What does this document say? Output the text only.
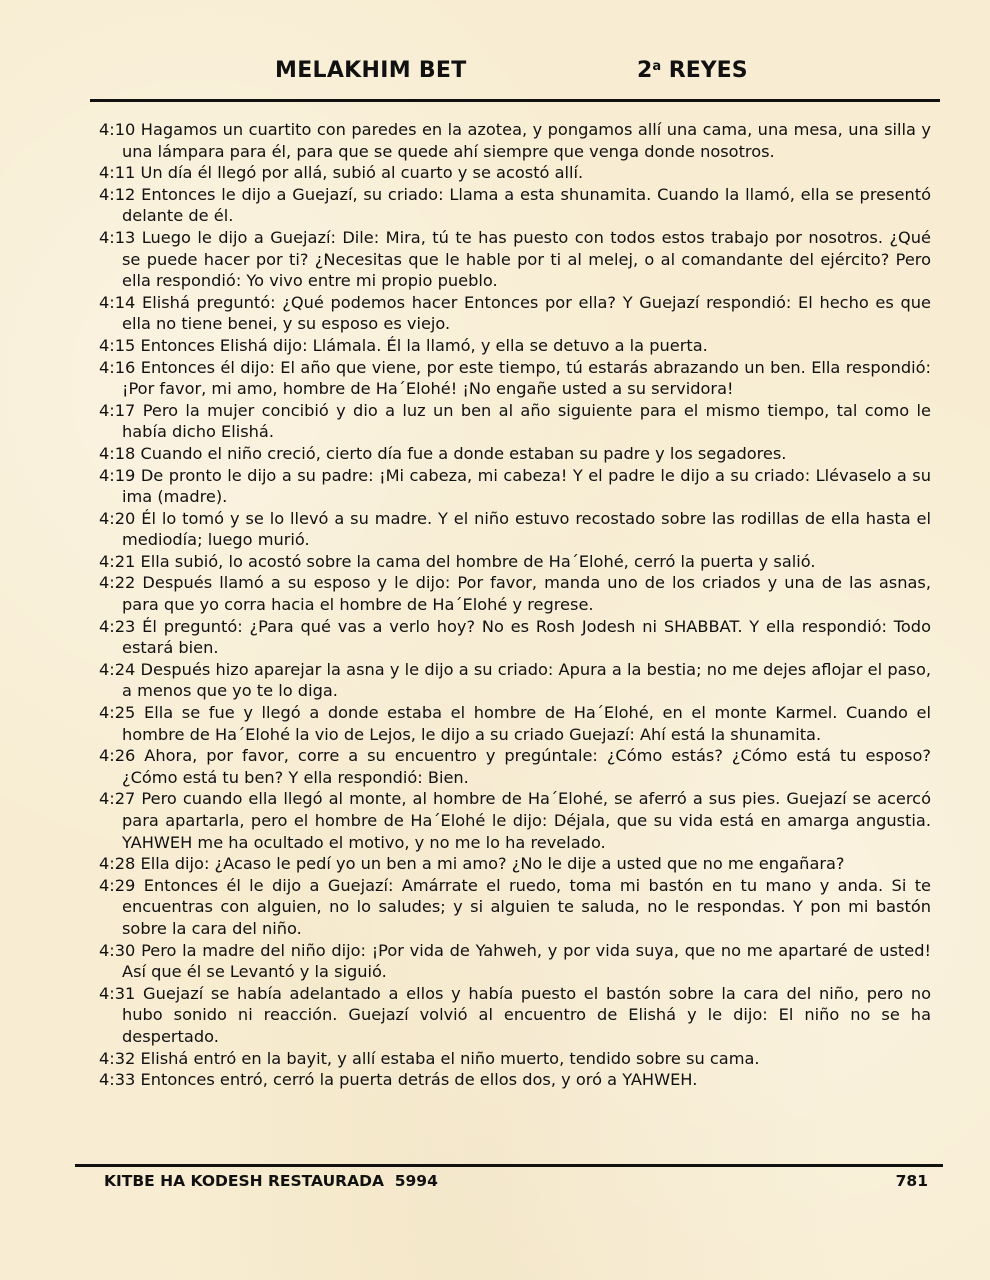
MELAKHIM BET	2$^a$ REYES

4:10 Hagamos un cuartito con paredes en la azotea, y pongamos allí una cama, una mesa, una silla y una lámpara para él, para que se quede ahí siempre que venga donde nosotros.

4:11 Un día él llegó por allá, subió al cuarto y se acostó allí.

4:12 Entonces le dijo a Guejazí, su criado: Llama a esta shunamita. Cuando la llamó, ella se presentó delante de él.

4:13 Luego le dijo a Guejazí: Dile: Mira, tú te has puesto con todos estos trabajo por nosotros. ¿Qué se puede hacer por ti? ¿Necesitas que le hable por ti al melej, o al comandante del ejército? Pero ella respondió: Yo vivo entre mi propio pueblo.

4:14 Elishá preguntó: ¿Qué podemos hacer Entonces por ella? Y Guejazí respondió: El hecho es que ella no tiene benei, y su esposo es viejo.

4:15 Entonces Elishá dijo: Llámala. Él la llamó, y ella se detuvo a la puerta.

4:16 Entonces él dijo: El año que viene, por este tiempo, tú estarás abrazando un ben. Ella respondió: ¡Por favor, mi amo, hombre de Ha´Elohé! ¡No engañe usted a su servidora!

4:17 Pero la mujer concibió y dio a luz un ben al año siguiente para el mismo tiempo, tal como le había dicho Elishá.

4:18 Cuando el niño creció, cierto día fue a donde estaban su padre y los segadores.

4:19 De pronto le dijo a su padre: ¡Mi cabeza, mi cabeza! Y el padre le dijo a su criado: Llévaselo a su ima (madre).

4:20 Él lo tomó y se lo llevó a su madre. Y el niño estuvo recostado sobre las rodillas de ella hasta el mediodía; luego murió.

4:21 Ella subió, lo acostó sobre la cama del hombre de Ha´Elohé, cerró la puerta y salió.

4:22 Después llamó a su esposo y le dijo: Por favor, manda uno de los criados y una de las asnas, para que yo corra hacia el hombre de Ha´Elohé y regrese.

4:23 Él preguntó: ¿Para qué vas a verlo hoy? No es Rosh Jodesh ni SHABBAT. Y ella respondió: Todo estará bien.

4:24 Después hizo aparejar la asna y le dijo a su criado: Apura a la bestia; no me dejes aflojar el paso, a menos que yo te lo diga.

4:25 Ella se fue y llegó a donde estaba el hombre de Ha´Elohé, en el monte Karmel. Cuando el hombre de Ha´Elohé la vio de Lejos, le dijo a su criado Guejazí: Ahí está la shunamita.

4:26 Ahora, por favor, corre a su encuentro y pregúntale: ¿Cómo estás? ¿Cómo está tu esposo? ¿Cómo está tu ben? Y ella respondió: Bien.

4:27 Pero cuando ella llegó al monte, al hombre de Ha´Elohé, se aferró a sus pies. Guejazí se acercó para apartarla, pero el hombre de Ha´Elohé le dijo: Déjala, que su vida está en amarga angustia. YAHWEH me ha ocultado el motivo, y no me lo ha revelado.

4:28 Ella dijo: ¿Acaso le pedí yo un ben a mi amo? ¿No le dije a usted que no me engañara?

4:29 Entonces él le dijo a Guejazí: Amárrate el ruedo, toma mi bastón en tu mano y anda. Si te encuentras con alguien, no lo saludes; y si alguien te saluda, no le respondas. Y pon mi bastón sobre la cara del niño.

4:30 Pero la madre del niño dijo: ¡Por vida de Yahweh, y por vida suya, que no me apartaré de usted! Así que él se Levantó y la siguió.

4:31 Guejazí se había adelantado a ellos y había puesto el bastón sobre la cara del niño, pero no hubo sonido ni reacción. Guejazí volvió al encuentro de Elishá y le dijo: El niño no se ha despertado.

4:32 Elishá entró en la bayit, y allí estaba el niño muerto, tendido sobre su cama.

4:33 Entonces entró, cerró la puerta detrás de ellos dos, y oró a YAHWEH.

KITBE HA KODESH RESTAURADA  5994	781
